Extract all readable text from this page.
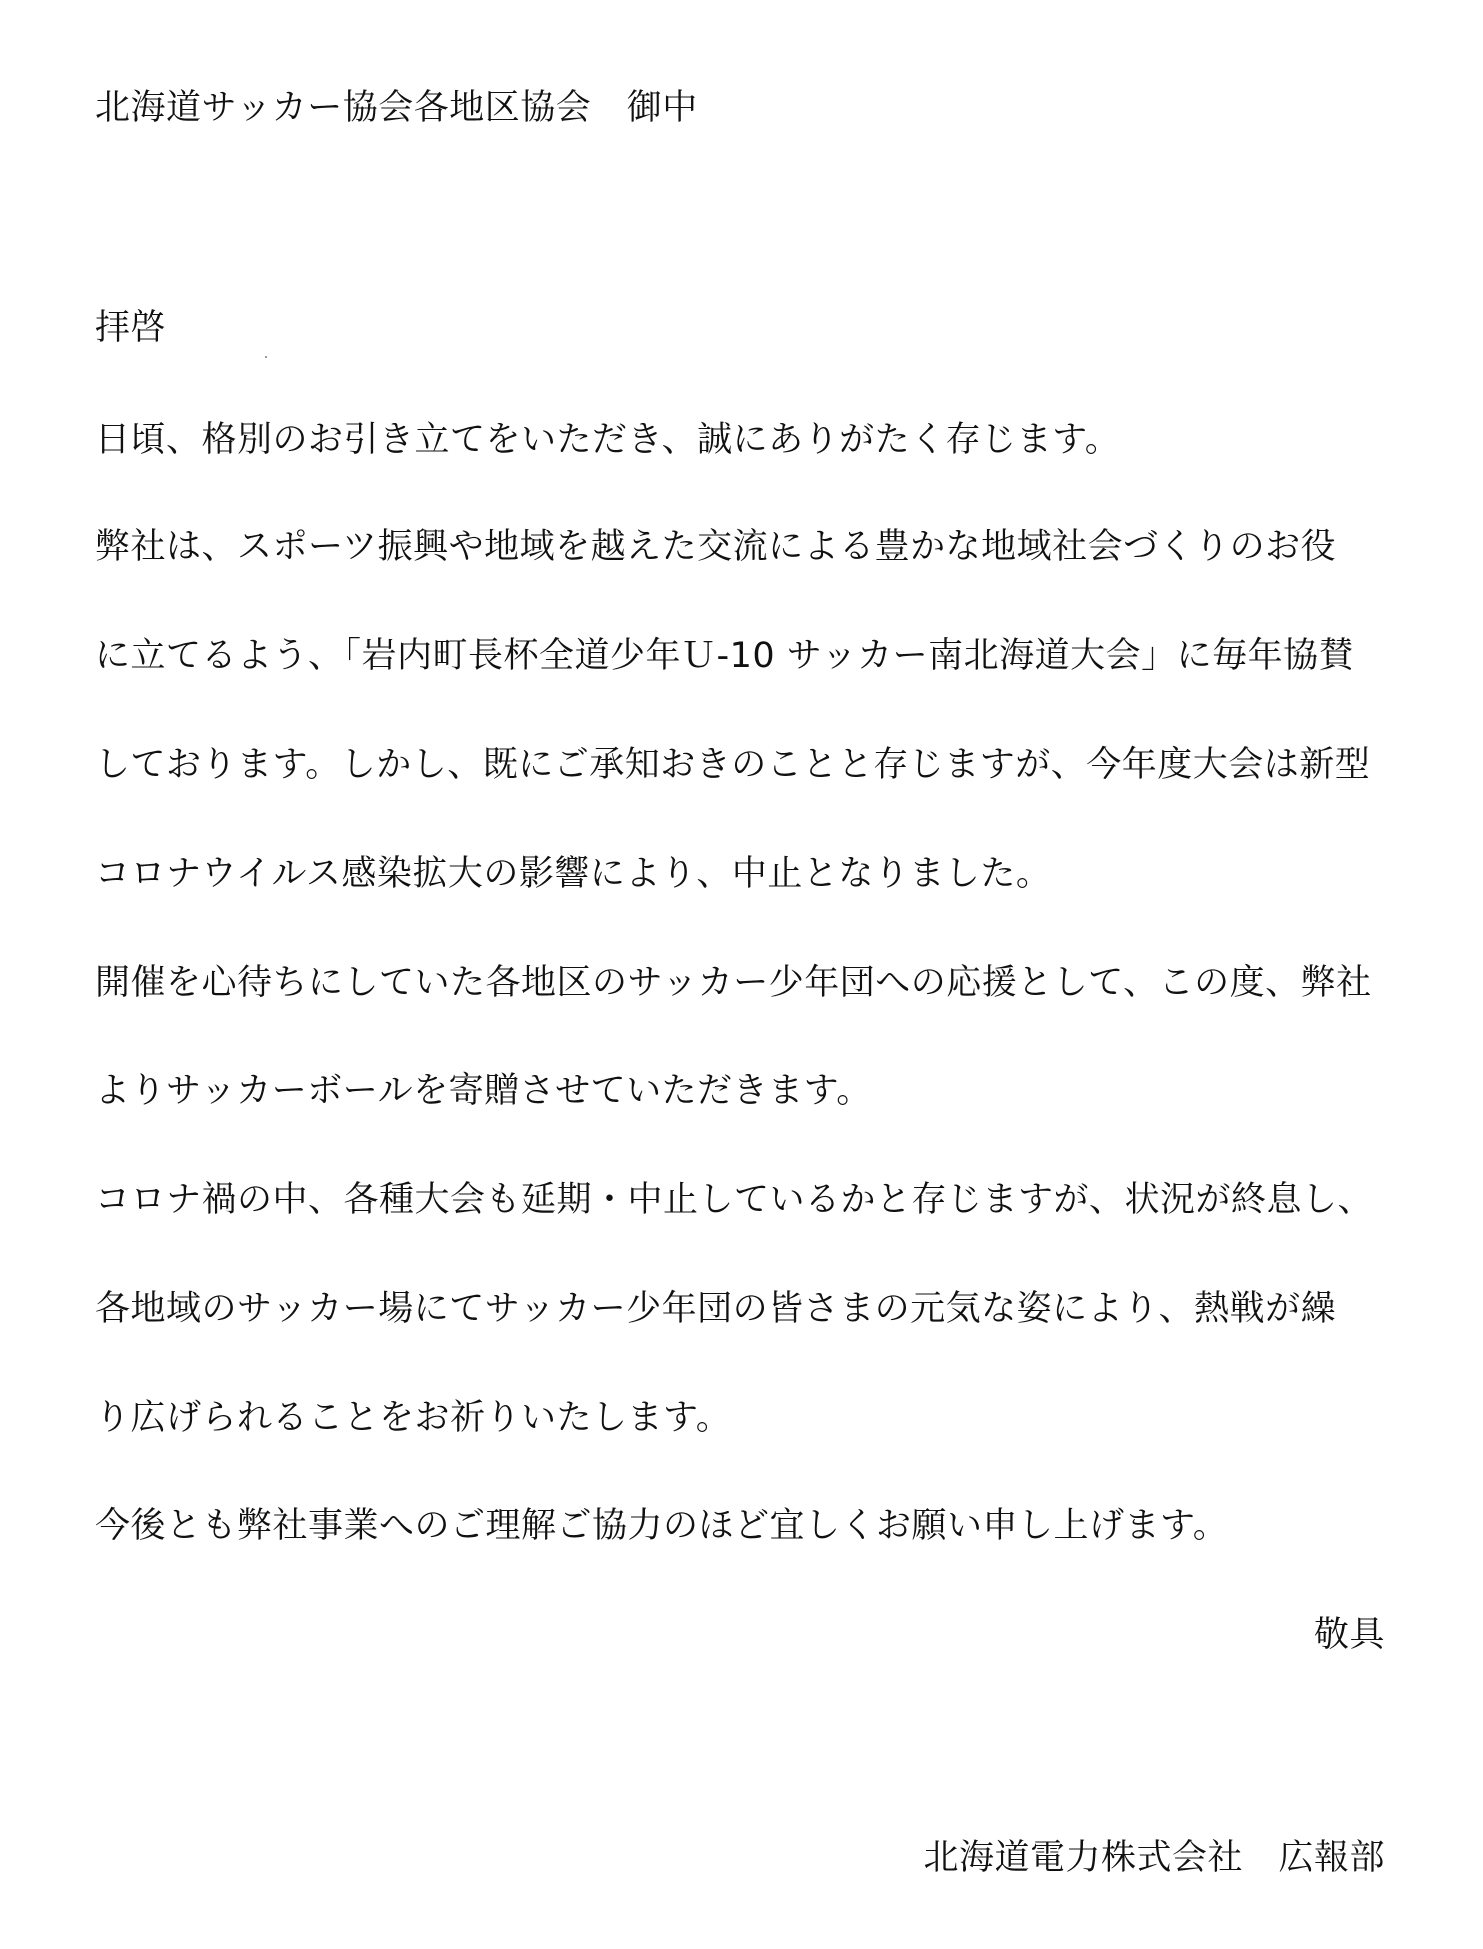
北海道サッカー協会各地区協会　御中
拝啓
日頃、格別のお引き立てをいただき、誠にありがたく存じます。
弊社は、スポーツ振興や地域を越えた交流による豊かな地域社会づくりのお役
に立てるよう、「岩内町長杯全道少年Ｕ-10 サッカー南北海道大会」に毎年協賛
しております。しかし、既にご承知おきのことと存じますが、今年度大会は新型
コロナウイルス感染拡大の影響により、中止となりました。
開催を心待ちにしていた各地区のサッカー少年団への応援として、この度、弊社
よりサッカーボールを寄贈させていただきます。
コロナ禍の中、各種大会も延期・中止しているかと存じますが、状況が終息し、
各地域のサッカー場にてサッカー少年団の皆さまの元気な姿により、熱戦が繰
り広げられることをお祈りいたします。
今後とも弊社事業へのご理解ご協力のほど宜しくお願い申し上げます。
敬具
北海道電力株式会社　広報部
